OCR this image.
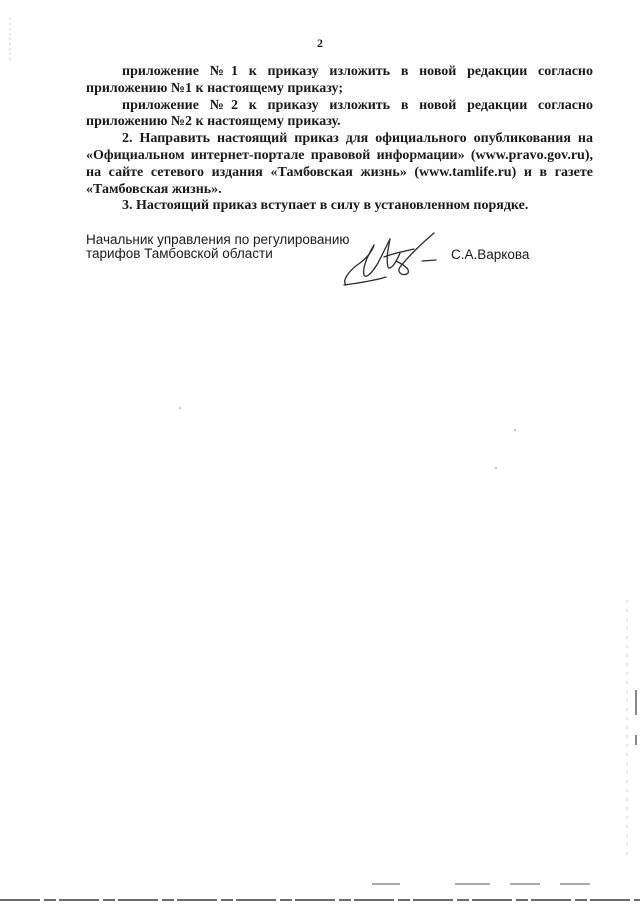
2

приложение №1 к приказу изложить в новой редакции согласно приложению №1 к настоящему приказу;

приложение №2 к приказу изложить в новой редакции согласно приложению №2 к настоящему приказу.

2. Направить настоящий приказ для официального опубликования на «Официальном интернет-портале правовой информации» (www.pravo.gov.ru), на сайте сетевого издания «Тамбовская жизнь» (www.tamlife.ru) и в газете «Тамбовская жизнь».

3. Настоящий приказ вступает в силу в установленном порядке.

Начальник управления по регулированию
тарифов Тамбовской области	С.А.Варкова
